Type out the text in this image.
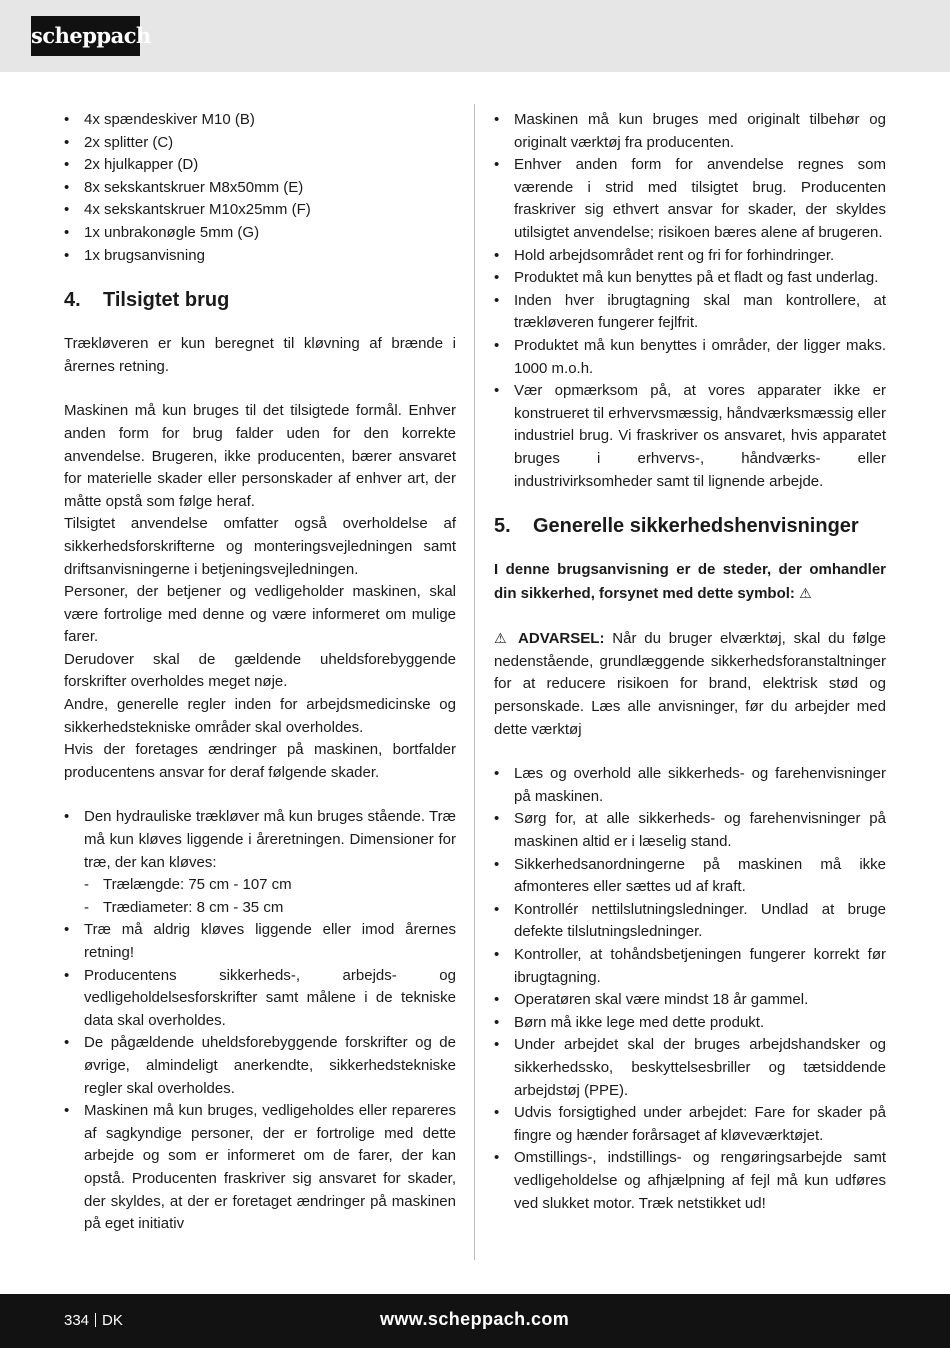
scheppach
• 4x spændeskiver M10 (B)
• 2x splitter (C)
• 2x hjulkapper (D)
• 8x sekskantskruer M8x50mm (E)
• 4x sekskantskruer M10x25mm (F)
• 1x unbrakonøgle 5mm (G)
• 1x brugsanvisning
4.	Tilsigtet brug

Trækløveren er kun beregnet til kløvning af brænde i årernes retning.

Maskinen må kun bruges til det tilsigtede formål. Enhver anden form for brug falder uden for den korrekte anvendelse. Brugeren, ikke producenten, bærer ansvaret for materielle skader eller personskader af enhver art, der måtte opstå som følge heraf.

Tilsigtet anvendelse omfatter også overholdelse af sikkerhedsforskrifterne og monteringsvejledningen samt driftsanvisningerne i betjeningsvejledningen.

Personer, der betjener og vedligeholder maskinen, skal være fortrolige med denne og være informeret om mulige farer.

Derudover skal de gældende uheldsforebyggende forskrifter overholdes meget nøje.

Andre, generelle regler inden for arbejdsmedicinske og sikkerhedstekniske områder skal overholdes.

Hvis der foretages ændringer på maskinen, bortfalder producentens ansvar for deraf følgende skader.

• Den hydrauliske trækløver må kun bruges stående. Træ må kun kløves liggende i åreretningen. Dimensioner for træ, der kan kløves:
- Trælængde: 75 cm - 107 cm
- Trædiameter: 8 cm - 35 cm
• Træ må aldrig kløves liggende eller imod årernes retning!
• Producentens sikkerheds-, arbejds- og vedligeholdelsesforskrifter samt målene i de tekniske data skal overholdes.
• De pågældende uheldsforebyggende forskrifter og de øvrige, almindeligt anerkendte, sikkerhedstekniske regler skal overholdes.
• Maskinen må kun bruges, vedligeholdes eller repareres af sagkyndige personer, der er fortrolige med dette arbejde og som er informeret om de farer, der kan opstå. Producenten fraskriver sig ansvaret for skader, der skyldes, at der er foretaget ændringer på maskinen på eget initiativ
• Maskinen må kun bruges med originalt tilbehør og originalt værktøj fra producenten.
• Enhver anden form for anvendelse regnes som værende i strid med tilsigtet brug. Producenten fraskriver sig ethvert ansvar for skader, der skyldes utilsigtet anvendelse; risikoen bæres alene af brugeren.
• Hold arbejdsområdet rent og fri for forhindringer.
• Produktet må kun benyttes på et fladt og fast underlag.
• Inden hver ibrugtagning skal man kontrollere, at trækløveren fungerer fejlfrit.
• Produktet må kun benyttes i områder, der ligger maks. 1000 m.o.h.
• Vær opmærksom på, at vores apparater ikke er konstrueret til erhvervsmæssig, håndværksmæssig eller industriel brug. Vi fraskriver os ansvaret, hvis apparatet bruges i erhvervs-, håndværks- eller industrivirksomheder samt til lignende arbejde.
5.	Generelle sikkerhedshenvisninger

I denne brugsanvisning er de steder, der omhandler din sikkerhed, forsynet med dette symbol: ⚠

⚠ ADVARSEL: Når du bruger elværktøj, skal du følge nedenstående, grundlæggende sikkerhedsforanstaltninger for at reducere risikoen for brand, elektrisk stød og personskade. Læs alle anvisninger, før du arbejder med dette værktøj

• Læs og overhold alle sikkerheds- og farehenvisninger på maskinen.
• Sørg for, at alle sikkerheds- og farehenvisninger på maskinen altid er i læselig stand.
• Sikkerhedsanordningerne på maskinen må ikke afmonteres eller sættes ud af kraft.
• Kontrollér nettilslutningsledninger. Undlad at bruge defekte tilslutningsledninger.
• Kontroller, at tohåndsbetjeningen fungerer korrekt før ibrugtagning.
• Operatøren skal være mindst 18 år gammel.
• Børn må ikke lege med dette produkt.
• Under arbejdet skal der bruges arbejdshandsker og sikkerhedssko, beskyttelsesbriller og tætsiddende arbejdstøj (PPE).
• Udvis forsigtighed under arbejdet: Fare for skader på fingre og hænder forårsaget af kløveværktøjet.
• Omstillings-, indstillings- og rengøringsarbejde samt vedligeholdelse og afhjælpning af fejl må kun udføres ved slukket motor. Træk netstikket ud!
334 DK	www.scheppach.com
